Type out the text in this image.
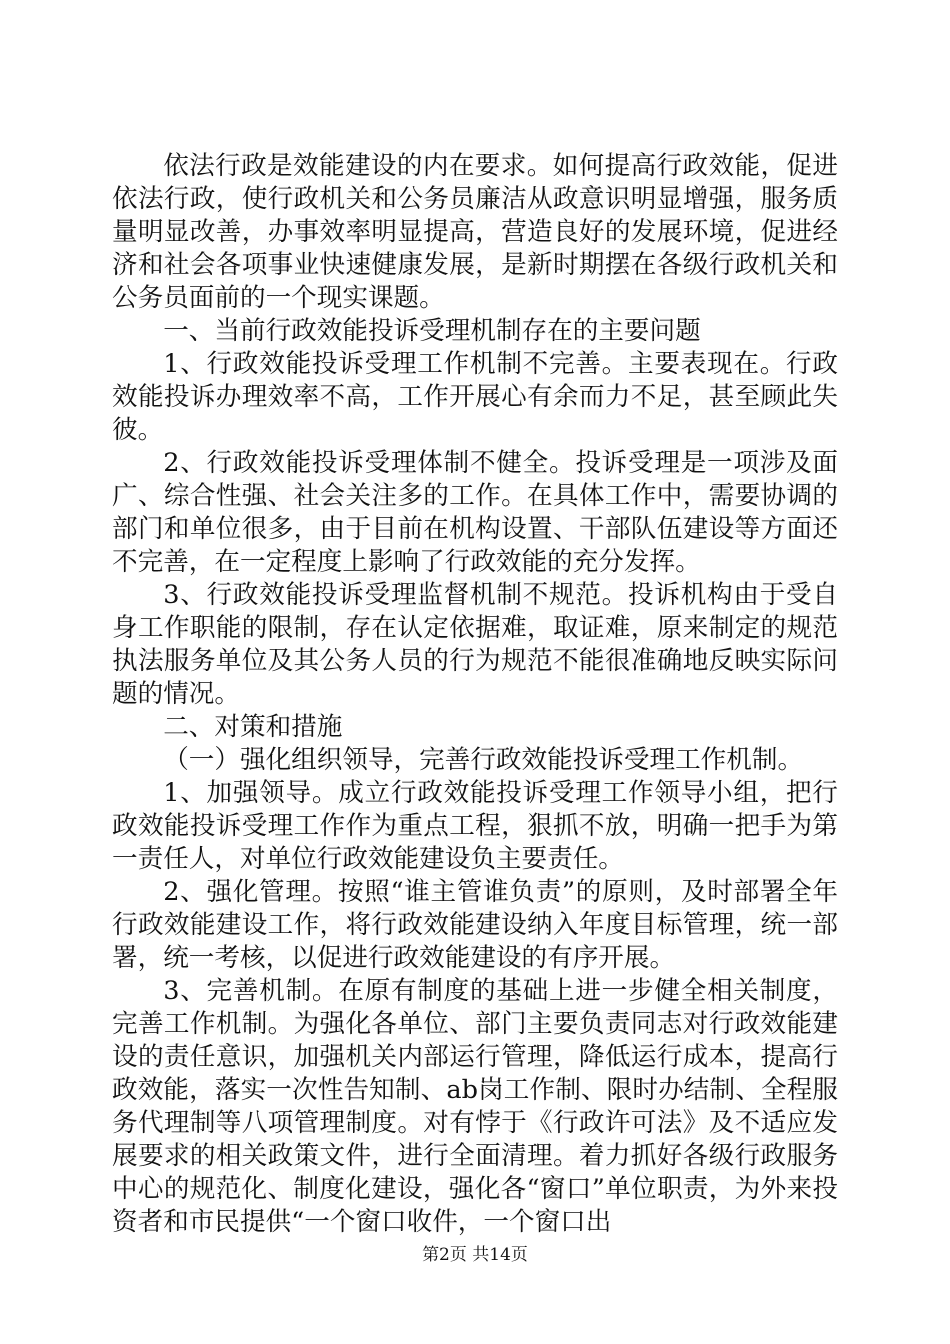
依法行政是效能建设的内在要求。如何提高行政效能，促进依法行政，使行政机关和公务员廉洁从政意识明显增强，服务质量明显改善，办事效率明显提高，营造良好的发展环境，促进经济和社会各项事业快速健康发展，是新时期摆在各级行政机关和公务员面前的一个现实课题。

一、当前行政效能投诉受理机制存在的主要问题

1、行政效能投诉受理工作机制不完善。主要表现在。行政效能投诉办理效率不高，工作开展心有余而力不足，甚至顾此失彼。

2、行政效能投诉受理体制不健全。投诉受理是一项涉及面广、综合性强、社会关注多的工作。在具体工作中，需要协调的部门和单位很多，由于目前在机构设置、干部队伍建设等方面还不完善，在一定程度上影响了行政效能的充分发挥。

3、行政效能投诉受理监督机制不规范。投诉机构由于受自身工作职能的限制，存在认定依据难，取证难，原来制定的规范执法服务单位及其公务人员的行为规范不能很准确地反映实际问题的情况。

二、对策和措施

（一）强化组织领导，完善行政效能投诉受理工作机制。

1、加强领导。成立行政效能投诉受理工作领导小组，把行政效能投诉受理工作作为重点工程，狠抓不放，明确一把手为第一责任人，对单位行政效能建设负主要责任。

2、强化管理。按照“谁主管谁负责”的原则，及时部署全年行政效能建设工作，将行政效能建设纳入年度目标管理，统一部署，统一考核，以促进行政效能建设的有序开展。

3、完善机制。在原有制度的基础上进一步健全相关制度，完善工作机制。为强化各单位、部门主要负责同志对行政效能建设的责任意识，加强机关内部运行管理，降低运行成本，提高行政效能，落实一次性告知制、ab岗工作制、限时办结制、全程服务代理制等八项管理制度。对有悖于《行政许可法》及不适应发展要求的相关政策文件，进行全面清理。着力抓好各级行政服务中心的规范化、制度化建设，强化各“窗口”单位职责，为外来投资者和市民提供“一个窗口收件，一个窗口出

第2页 共14页
